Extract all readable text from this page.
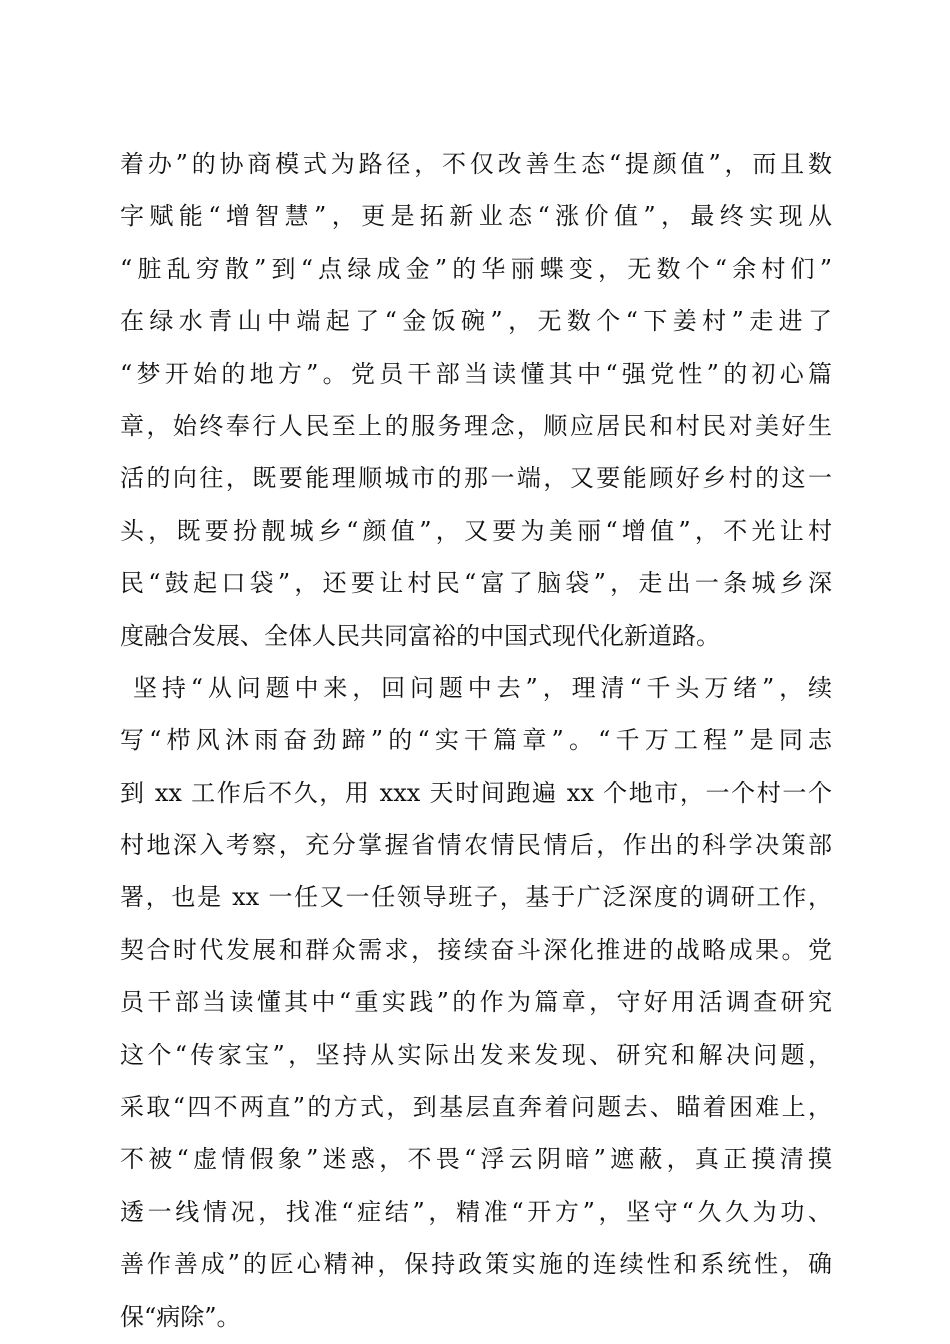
着办”的协商模式为路径，不仅改善生态“提颜值”，而且数
字赋能“增智慧”，更是拓新业态“涨价值”，最终实现从
“脏乱穷散”到“点绿成金”的华丽蝶变，无数个“余村们”
在绿水青山中端起了“金饭碗”，无数个“下姜村”走进了
“梦开始的地方”。党员干部当读懂其中“强党性”的初心篇
章，始终奉行人民至上的服务理念，顺应居民和村民对美好生
活的向往，既要能理顺城市的那一端，又要能顾好乡村的这一
头，既要扮靓城乡“颜值”，又要为美丽“增值”，不光让村
民“鼓起口袋”，还要让村民“富了脑袋”，走出一条城乡深
度融合发展、全体人民共同富裕的中国式现代化新道路。
坚持“从问题中来，回问题中去”，理清“千头万绪”，续
写“栉风沐雨奋劲蹄”的“实干篇章”。“千万工程”是同志
到 xx 工作后不久，用 xxx 天时间跑遍 xx 个地市，一个村一个
村地深入考察，充分掌握省情农情民情后，作出的科学决策部
署，也是 xx 一任又一任领导班子，基于广泛深度的调研工作，
契合时代发展和群众需求，接续奋斗深化推进的战略成果。党
员干部当读懂其中“重实践”的作为篇章，守好用活调查研究
这个“传家宝”，坚持从实际出发来发现、研究和解决问题，
采取“四不两直”的方式，到基层直奔着问题去、瞄着困难上，
不被“虚情假象”迷惑，不畏“浮云阴暗”遮蔽，真正摸清摸
透一线情况，找准“症结”，精准“开方”，坚守“久久为功、
善作善成”的匠心精神，保持政策实施的连续性和系统性，确
保“病除”。
